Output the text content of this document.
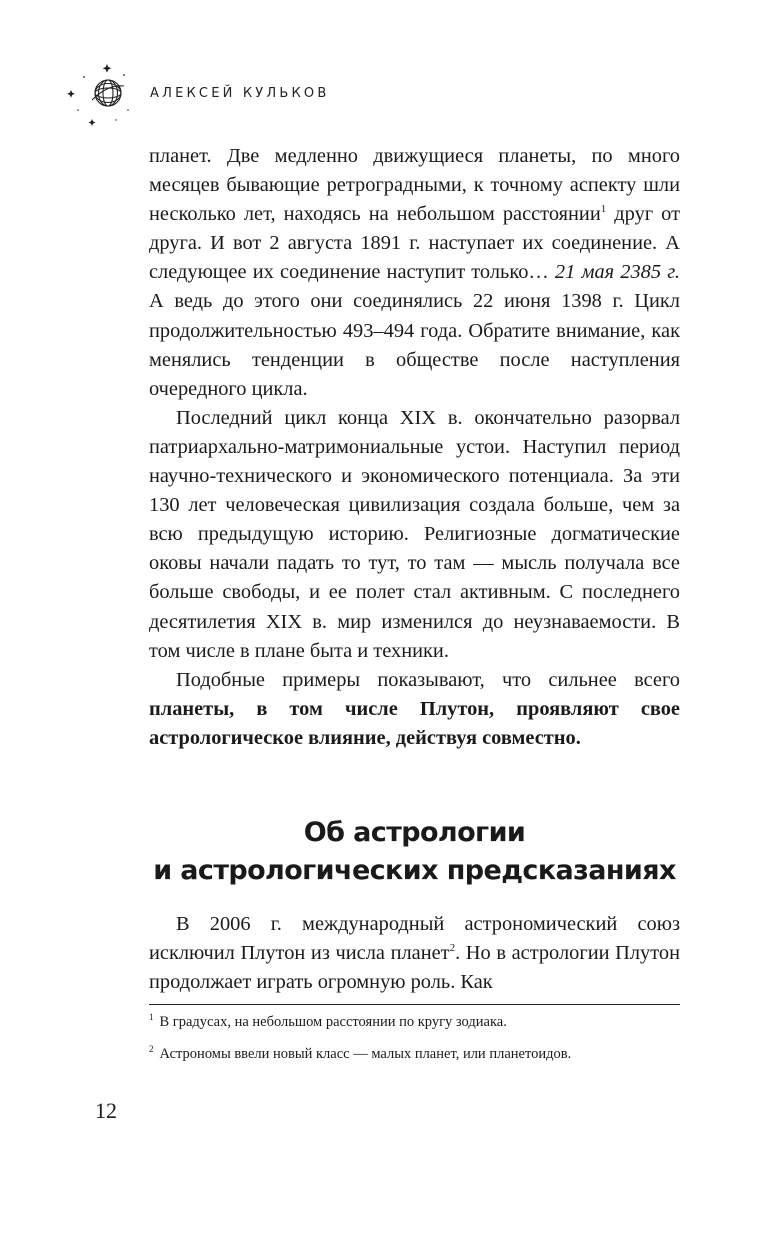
АЛЕКСЕЙ КУЛЬКОВ

планет. Две медленно движущиеся планеты, по много месяцев бывающие ретроградными, к точному аспекту шли несколько лет, находясь на небольшом расстоянии$^1$ друг от друга. И вот 2 августа 1891 г. наступает их соединение. А следующее их соединение наступит только… 21 мая 2385 г. А ведь до этого они соединялись 22 июня 1398 г. Цикл продолжительностью 493–494 года. Обратите внимание, как менялись тенденции в обществе после наступления очередного цикла.

Последний цикл конца XIX в. окончательно разорвал патриархально-матримониальные устои. Наступил период научно-технического и экономического потенциала. За эти 130 лет человеческая цивилизация создала больше, чем за всю предыдущую историю. Религиозные догматические оковы начали падать то тут, то там — мысль получала все больше свободы, и ее полет стал активным. С последнего десятилетия XIX в. мир изменился до неузнаваемости. В том числе в плане быта и техники.

Подобные примеры показывают, что сильнее всего планеты, в том числе Плутон, проявляют свое астрологическое влияние, действуя совместно.

Об астрологии
и астрологических предсказаниях

В 2006 г. международный астрономический союз исключил Плутон из числа планет$^2$. Но в астрологии Плутон продолжает играть огромную роль. Как

$^1$ В градусах, на небольшом расстоянии по кругу зодиака.

$^2$ Астрономы ввели новый класс — малых планет, или планетоидов.

12
